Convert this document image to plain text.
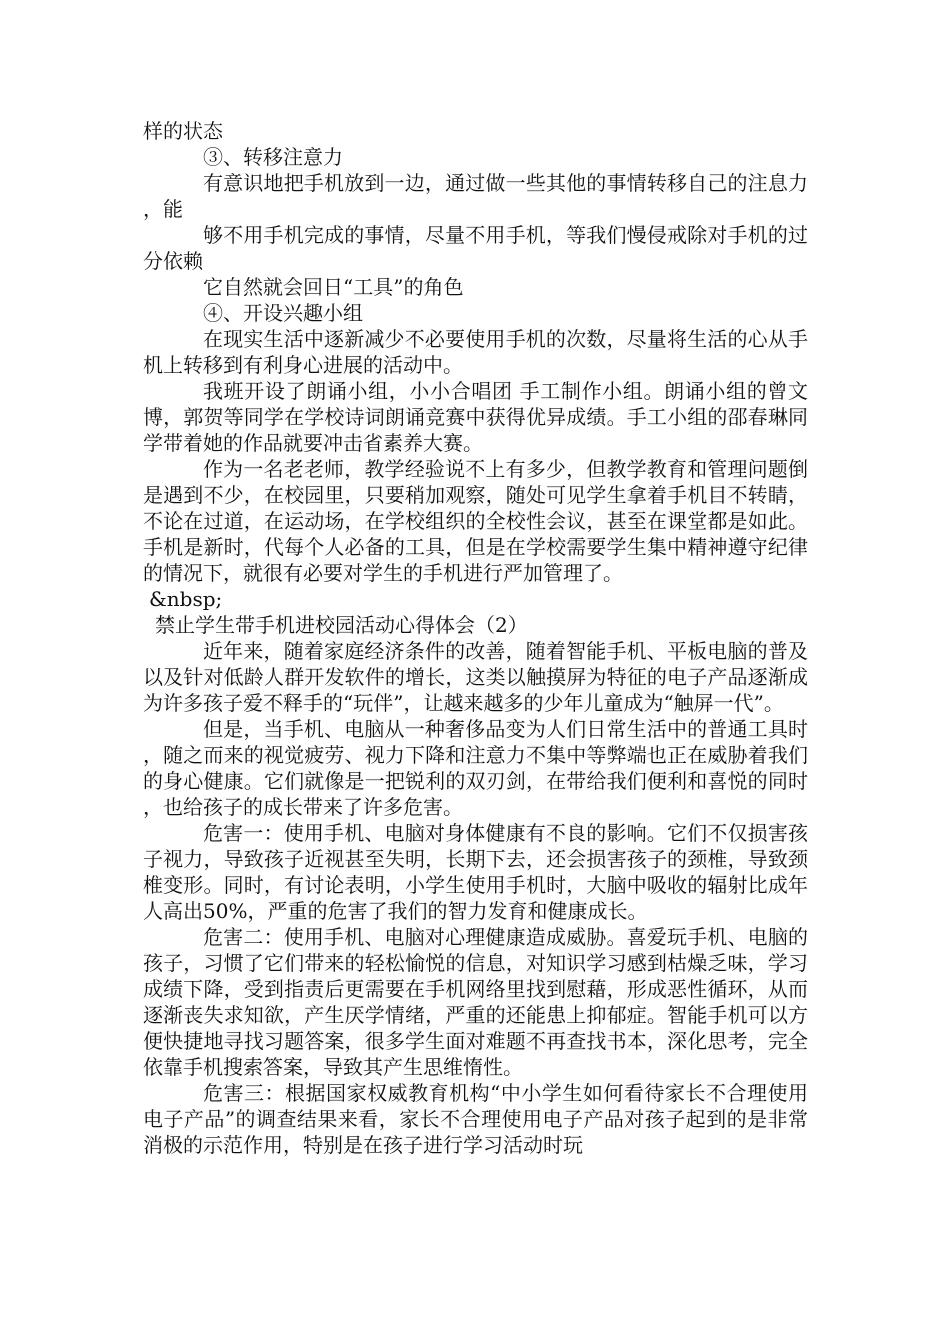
样的状态

③、转移注意力

有意识地把手机放到一边，通过做一些其他的事情转移自己的注息力，能

够不用手机完成的事情，尽量不用手机，等我们慢侵戒除对手机的过分依赖

它自然就会回日“工具”的角色

④、开设兴趣小组

在现实生活中逐新减少不必要使用手机的次数，尽量将生活的心从手机上转移到有利身心进展的活动中。

我班开设了朗诵小组，小小合唱团 手工制作小组。朗诵小组的曾文博，郭贺等同学在学校诗词朗诵竞赛中获得优异成绩。手工小组的邵春琳同学带着她的作品就要冲击省素养大赛。

作为一名老老师，教学经验说不上有多少，但教学教育和管理问题倒是遇到不少，在校园里，只要稍加观察，随处可见学生拿着手机目不转睛，不论在过道，在运动场，在学校组织的全校性会议，甚至在课堂都是如此。手机是新时，代每个人必备的工具，但是在学校需要学生集中精神遵守纪律的情况下，就很有必要对学生的手机进行严加管理了。

&nbsp;

禁止学生带手机进校园活动心得体会（2）

近年来，随着家庭经济条件的改善，随着智能手机、平板电脑的普及以及针对低龄人群开发软件的增长，这类以触摸屏为特征的电子产品逐渐成为许多孩子爱不释手的“玩伴”，让越来越多的少年儿童成为“触屏一代”。

但是，当手机、电脑从一种奢侈品变为人们日常生活中的普通工具时，随之而来的视觉疲劳、视力下降和注意力不集中等弊端也正在威胁着我们的身心健康。它们就像是一把锐利的双刃剑，在带给我们便利和喜悦的同时，也给孩子的成长带来了许多危害。

危害一：使用手机、电脑对身体健康有不良的影响。它们不仅损害孩子视力，导致孩子近视甚至失明，长期下去，还会损害孩子的颈椎，导致颈椎变形。同时，有讨论表明，小学生使用手机时，大脑中吸收的辐射比成年人高出50%，严重的危害了我们的智力发育和健康成长。

危害二：使用手机、电脑对心理健康造成威胁。喜爱玩手机、电脑的孩子，习惯了它们带来的轻松愉悦的信息，对知识学习感到枯燥乏味，学习成绩下降，受到指责后更需要在手机网络里找到慰藉，形成恶性循环，从而逐渐丧失求知欲，产生厌学情绪，严重的还能患上抑郁症。智能手机可以方便快捷地寻找习题答案，很多学生面对难题不再查找书本，深化思考，完全依靠手机搜索答案，导致其产生思维惰性。

危害三：根据国家权威教育机构“中小学生如何看待家长不合理使用电子产品”的调查结果来看，家长不合理使用电子产品对孩子起到的是非常消极的示范作用，特别是在孩子进行学习活动时玩
